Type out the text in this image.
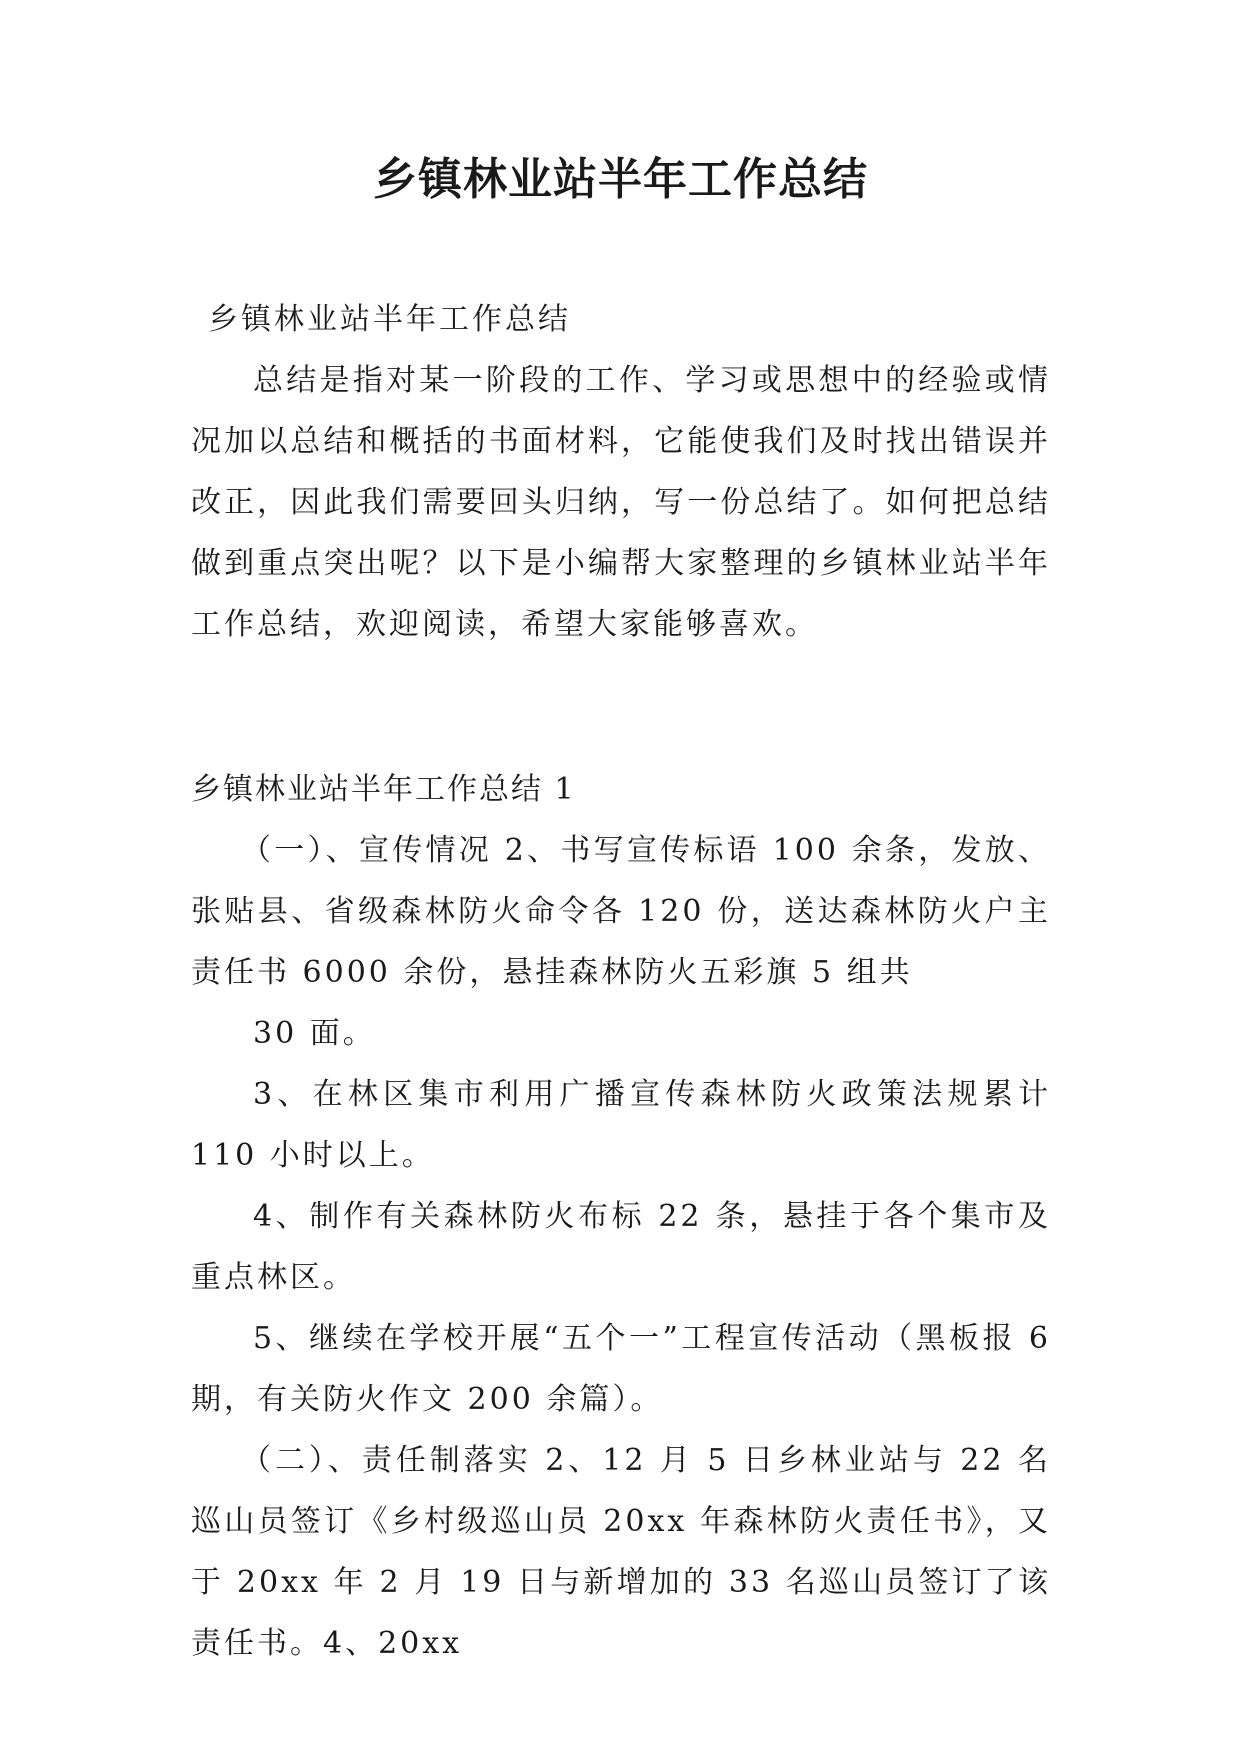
乡镇林业站半年工作总结

乡镇林业站半年工作总结

总结是指对某一阶段的工作、学习或思想中的经验或情况加以总结和概括的书面材料，它能使我们及时找出错误并改正，因此我们需要回头归纳，写一份总结了。如何把总结做到重点突出呢？以下是小编帮大家整理的乡镇林业站半年工作总结，欢迎阅读，希望大家能够喜欢。

乡镇林业站半年工作总结 1

（一）、宣传情况 2、书写宣传标语 100 余条，发放、张贴县、省级森林防火命令各 120 份，送达森林防火户主责任书 6000 余份，悬挂森林防火五彩旗 5 组共

30 面。

3、在林区集市利用广播宣传森林防火政策法规累计 110 小时以上。

4、制作有关森林防火布标 22 条，悬挂于各个集市及重点林区。

5、继续在学校开展“五个一”工程宣传活动（黑板报 6 期，有关防火作文 200 余篇）。

（二）、责任制落实 2、12 月 5 日乡林业站与 22 名巡山员签订《乡村级巡山员 20xx 年森林防火责任书》，又于 20xx 年 2 月 19 日与新增加的 33 名巡山员签订了该责任书。4、20xx
